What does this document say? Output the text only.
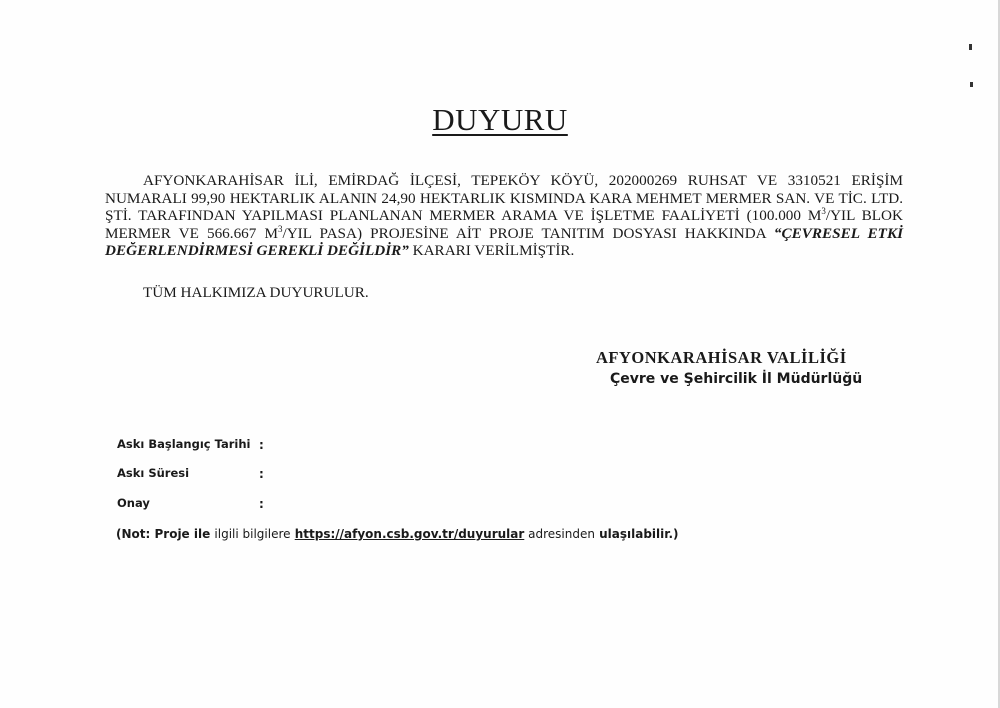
DUYURU

AFYONKARAHİSAR İLİ, EMİRDAĞ İLÇESİ, TEPEKÖY KÖYÜ, 202000269 RUHSAT VE 3310521 ERİŞİM NUMARALI 99,90 HEKTARLIK ALANIN 24,90 HEKTARLIK KISMINDA KARA MEHMET MERMER SAN. VE TİC. LTD. ŞTİ. TARAFINDAN YAPILMASI PLANLANAN MERMER ARAMA VE İŞLETME FAALİYETİ (100.000 $M^3$/YIL BLOK MERMER VE 566.667 $M^3$/YIL PASA) PROJESİNE AİT PROJE TANITIM DOSYASI HAKKINDA “ÇEVRESEL ETKİ DEĞERLENDİRMESİ GEREKLİ DEĞİLDİR” KARARI VERİLMİŞTİR.

TÜM HALKIMIZA DUYURULUR.
AFYONKARAHİSAR VALİLİĞİ
Çevre ve Şehircilik İl Müdürlüğü
Askı Başlangıç Tarihi :
Askı Süresi	:
Onay	:
(Not: Proje ile ilgili bilgilere https://afyon.csb.gov.tr/duyurular adresinden ulaşılabilir.)
